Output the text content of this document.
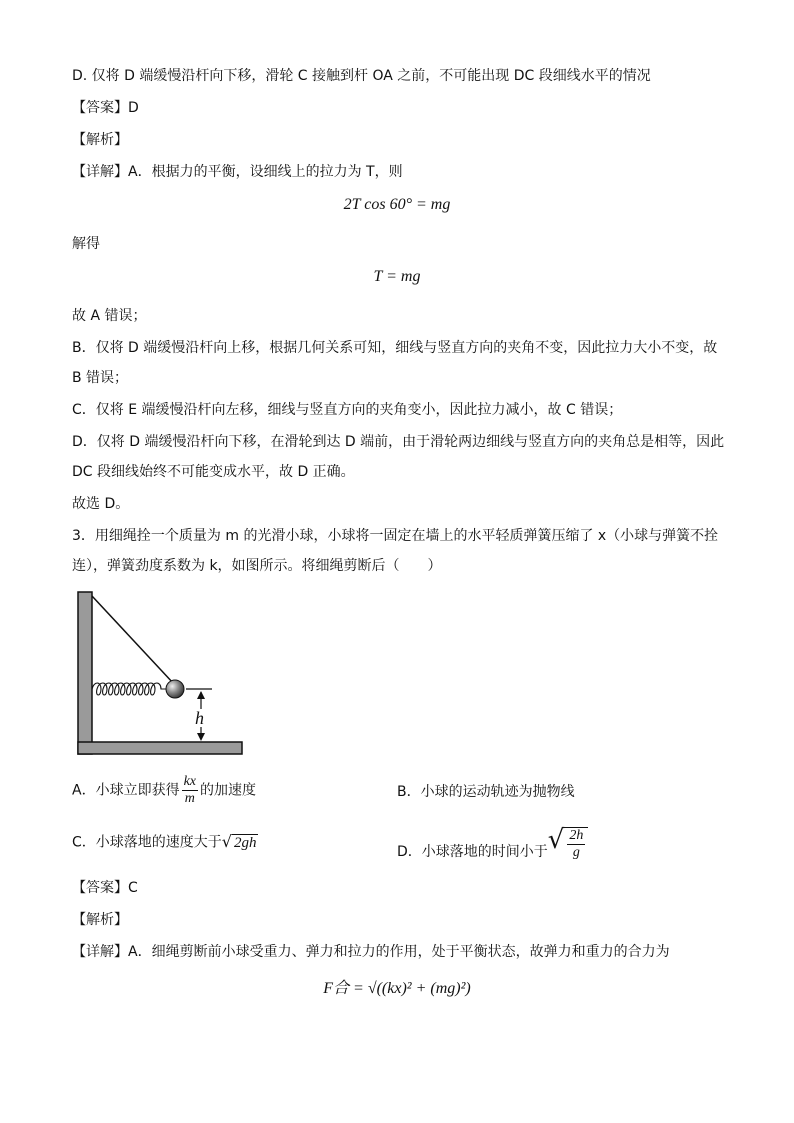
D. 仅将 D 端缓慢沿杆向下移，滑轮 C 接触到杆 OA 之前，不可能出现 DC 段细线水平的情况
【答案】D
【解析】
【详解】A．根据力的平衡，设细线上的拉力为 T，则
2T cos 60° = mg
解得
T = mg
故 A 错误；
B．仅将 D 端缓慢沿杆向上移，根据几何关系可知，细线与竖直方向的夹角不变，因此拉力大小不变，故
B 错误；
C．仅将 E 端缓慢沿杆向左移，细线与竖直方向的夹角变小，因此拉力减小，故 C 错误；
D．仅将 D 端缓慢沿杆向下移，在滑轮到达 D 端前，由于滑轮两边细线与竖直方向的夹角总是相等，因此
DC 段细线始终不可能变成水平，故 D 正确。
故选 D。
3．用细绳拴一个质量为 m 的光滑小球，小球将一固定在墙上的水平轻质弹簧压缩了 x（小球与弹簧不拴
连），弹簧劲度系数为 k，如图所示。将细绳剪断后（　　）
h
A．小球立即获得 $\frac{kx}{m}$ 的加速度	B．小球的运动轨迹为抛物线
C．小球落地的速度大于√ 2gh
D．小球落地的时间小于√ $\frac{2h}{g}$
【答案】C
【解析】
【详解】A．细绳剪断前小球受重力、弹力和拉力的作用，处于平衡状态，故弹力和重力的合力为
F合 = √((kx)² + (mg)²)
